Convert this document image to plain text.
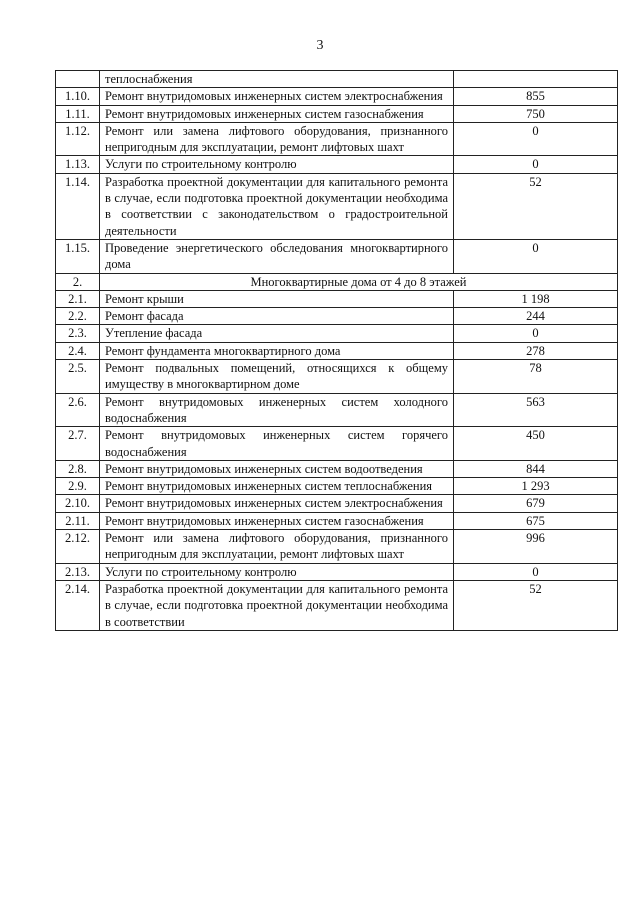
3
	теплоснабжения	
1.10.	Ремонт внутридомовых инженерных систем электроснабжения	855
1.11.	Ремонт внутридомовых инженерных систем газоснабжения	750
1.12.	Ремонт или замена лифтового оборудования, признанного непригодным для эксплуатации, ремонт лифтовых шахт	0
1.13.	Услуги по строительному контролю	0
1.14.	Разработка проектной документации для капитального ремонта в случае, если подготовка проектной документации необходима в соответствии с законодательством о градостроительной деятельности	52
1.15.	Проведение энергетического обследования многоквартирного дома	0
2.	Многоквартирные дома от 4 до 8 этажей	
2.1.	Ремонт крыши	1 198
2.2.	Ремонт фасада	244
2.3.	Утепление фасада	0
2.4.	Ремонт фундамента многоквартирного дома	278
2.5.	Ремонт подвальных помещений, относящихся к общему имуществу в многоквартирном доме	78
2.6.	Ремонт внутридомовых инженерных систем холодного водоснабжения	563
2.7.	Ремонт внутридомовых инженерных систем горячего водоснабжения	450
2.8.	Ремонт внутридомовых инженерных систем водоотведения	844
2.9.	Ремонт внутридомовых инженерных систем теплоснабжения	1 293
2.10.	Ремонт внутридомовых инженерных систем электроснабжения	679
2.11.	Ремонт внутридомовых инженерных систем газоснабжения	675
2.12.	Ремонт или замена лифтового оборудования, признанного непригодным для эксплуатации, ремонт лифтовых шахт	996
2.13.	Услуги по строительному контролю	0
2.14.	Разработка проектной документации для капитального ремонта в случае, если подготовка проектной документации необходима в соответствии	52
